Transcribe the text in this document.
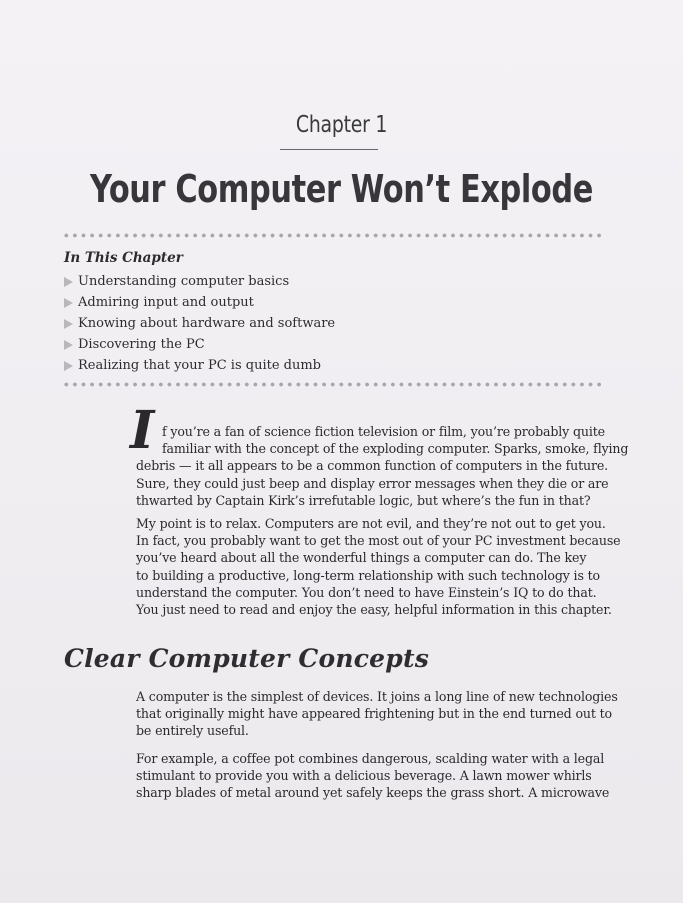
Chapter 1
Your Computer Won’t Explode
In This Chapter
Understanding computer basics
Admiring input and output
Knowing about hardware and software
Discovering the PC
Realizing that your PC is quite dumb
I f you’re a fan of science fiction television or film, you’re probably quite
familiar with the concept of the exploding computer. Sparks, smoke, flying
debris — it all appears to be a common function of computers in the future.
Sure, they could just beep and display error messages when they die or are
thwarted by Captain Kirk’s irrefutable logic, but where’s the fun in that?
My point is to relax. Computers are not evil, and they’re not out to get you.
In fact, you probably want to get the most out of your PC investment because
you’ve heard about all the wonderful things a computer can do. The key
to building a productive, long-term relationship with such technology is to
understand the computer. You don’t need to have Einstein’s IQ to do that.
You just need to read and enjoy the easy, helpful information in this chapter.
Clear Computer Concepts
A computer is the simplest of devices. It joins a long line of new technologies
that originally might have appeared frightening but in the end turned out to
be entirely useful.
For example, a coffee pot combines dangerous, scalding water with a legal
stimulant to provide you with a delicious beverage. A lawn mower whirls
sharp blades of metal around yet safely keeps the grass short. A microwave
